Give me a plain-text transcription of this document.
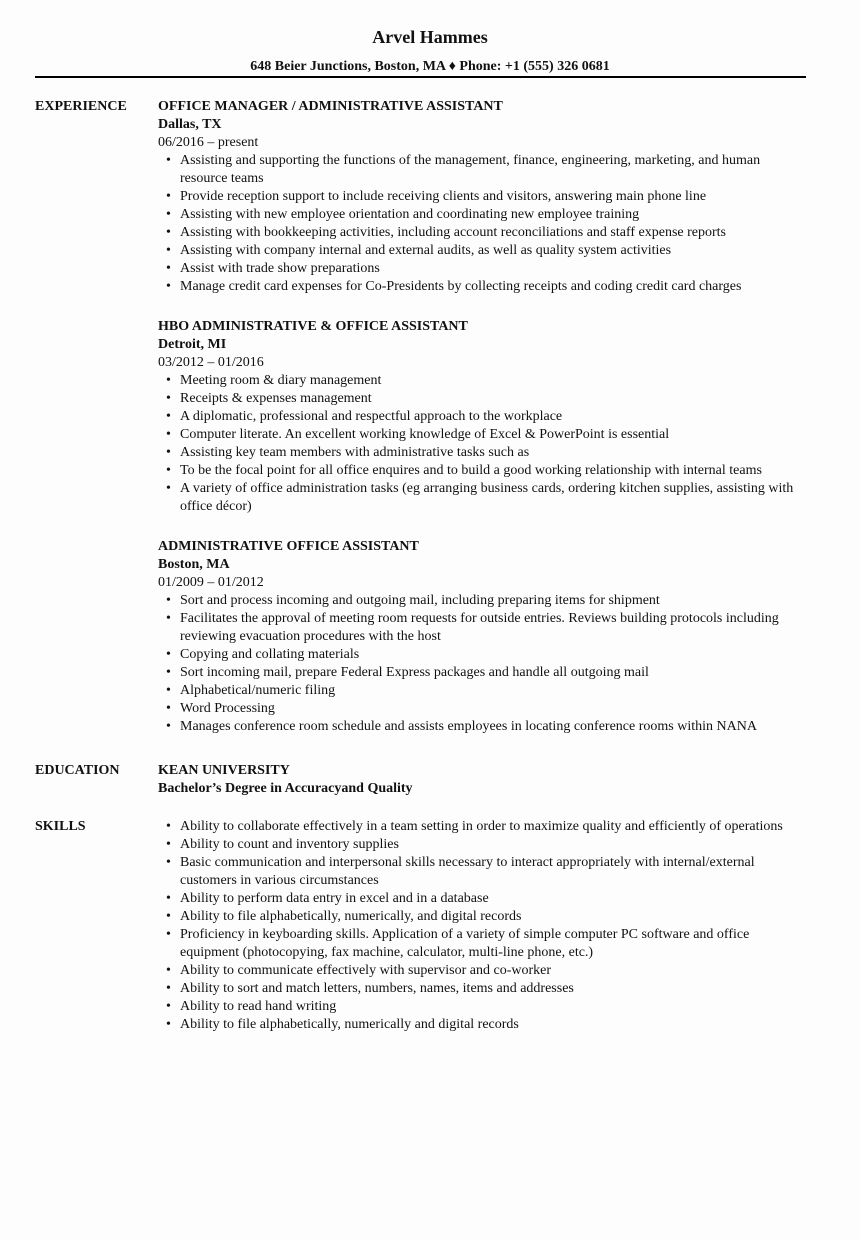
Arvel Hammes
648 Beier Junctions, Boston, MA ♦ Phone: +1 (555) 326 0681
EXPERIENCE OFFICE MANAGER / ADMINISTRATIVE ASSISTANT
Dallas, TX
06/2016 – present
• Assisting and supporting the functions of the management, finance, engineering, marketing, and human resource teams
• Provide reception support to include receiving clients and visitors, answering main phone line
• Assisting with new employee orientation and coordinating new employee training
• Assisting with bookkeeping activities, including account reconciliations and staff expense reports
• Assisting with company internal and external audits, as well as quality system activities
• Assist with trade show preparations
• Manage credit card expenses for Co-Presidents by collecting receipts and coding credit card charges
HBO ADMINISTRATIVE & OFFICE ASSISTANT
Detroit, MI
03/2012 – 01/2016
• Meeting room & diary management
• Receipts & expenses management
• A diplomatic, professional and respectful approach to the workplace
• Computer literate. An excellent working knowledge of Excel & PowerPoint is essential
• Assisting key team members with administrative tasks such as
• To be the focal point for all office enquires and to build a good working relationship with internal teams
• A variety of office administration tasks (eg arranging business cards, ordering kitchen supplies, assisting with office décor)
ADMINISTRATIVE OFFICE ASSISTANT
Boston, MA
01/2009 – 01/2012
• Sort and process incoming and outgoing mail, including preparing items for shipment
• Facilitates the approval of meeting room requests for outside entries. Reviews building protocols including reviewing evacuation procedures with the host
• Copying and collating materials
• Sort incoming mail, prepare Federal Express packages and handle all outgoing mail
• Alphabetical/numeric filing
• Word Processing
• Manages conference room schedule and assists employees in locating conference rooms within NANA
EDUCATION	KEAN UNIVERSITY
Bachelor’s Degree in Accuracyand Quality
SKILLS	• Ability to collaborate effectively in a team setting in order to maximize quality and efficiently of operations
• Ability to count and inventory supplies
• Basic communication and interpersonal skills necessary to interact appropriately with internal/external customers in various circumstances
• Ability to perform data entry in excel and in a database
• Ability to file alphabetically, numerically, and digital records
• Proficiency in keyboarding skills. Application of a variety of simple computer PC software and office equipment (photocopying, fax machine, calculator, multi-line phone, etc.)
• Ability to communicate effectively with supervisor and co-worker
• Ability to sort and match letters, numbers, names, items and addresses
• Ability to read hand writing
• Ability to file alphabetically, numerically and digital records
